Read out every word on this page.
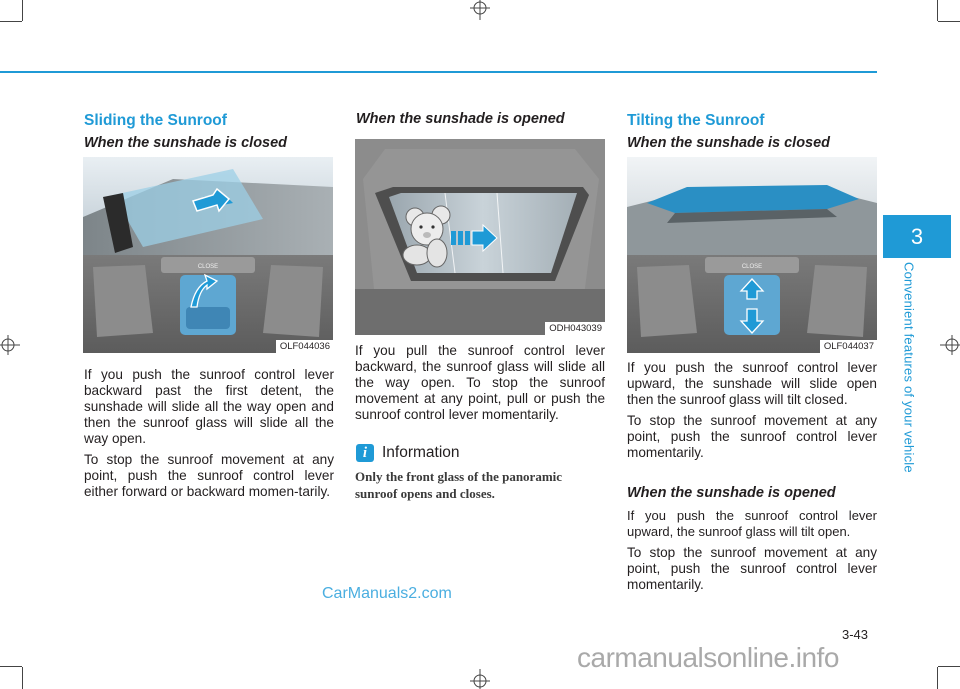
3
Convenient features of your vehicle
Sliding the Sunroof
When the sunshade is closed
CLOSE
OLF044036

If you push the sunroof control lever backward past the first detent, the sunshade will slide all the way open and then the sunroof glass will slide all the way open.

To stop the sunroof movement at any point, push the sunroof control lever either forward or backward momen-tarily.

When the sunshade is opened
ODH043039

If you pull the sunroof control lever backward, the sunroof glass will slide all the way open. To stop the sunroof movement at any point, pull or push the sunroof control lever momentarily.

i Information
Only the front glass of the panoramic sunroof opens and closes.
Tilting the Sunroof
When the sunshade is closed
CLOSE
OLF044037

If you push the sunroof control lever upward, the sunshade will slide open then the sunroof glass will tilt closed.

To stop the sunroof movement at any point, push the sunroof control lever momentarily.

When the sunshade is opened

If you push the sunroof control lever upward, the sunroof glass will tilt open.

To stop the sunroof movement at any point, push the sunroof control lever momentarily.

3-43
CarManuals2.com
carmanualsonline.info
